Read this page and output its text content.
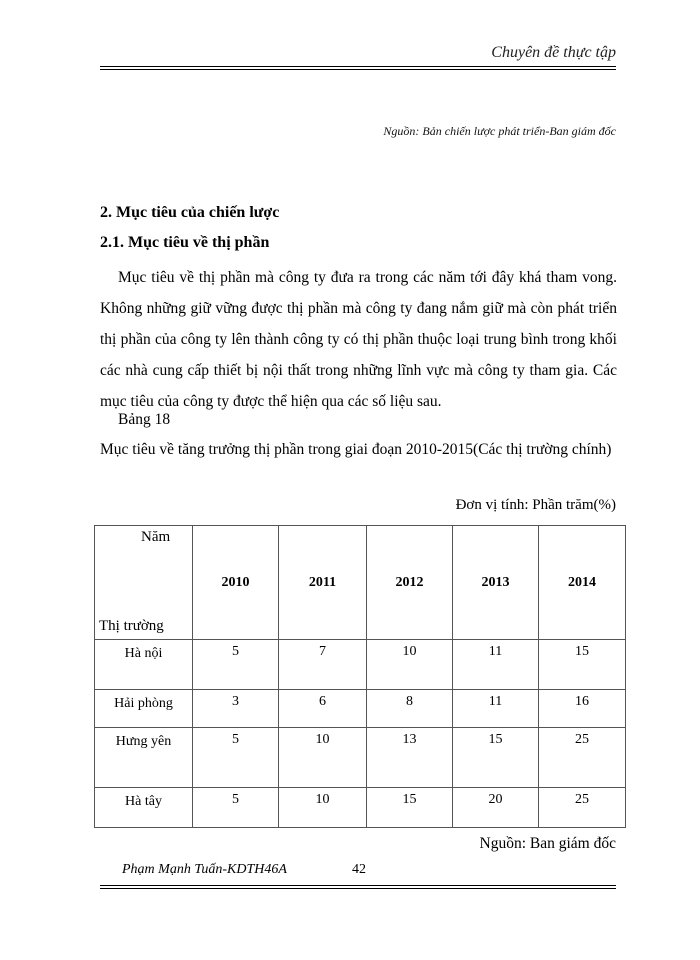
Chuyên đề thực tập
Nguồn: Bản chiến lược phát triển-Ban giám đốc
2. Mục tiêu của chiến lược
2.1. Mục tiêu về thị phần
Mục tiêu về thị phần mà công ty đưa ra trong các năm tới đây khá tham vong. Không những giữ vững được thị phần mà công ty đang nắm giữ mà còn phát triển thị phần của công ty lên thành công ty có thị phần thuộc loại trung bình trong khối các nhà cung cấp thiết bị nội thất trong những lĩnh vực mà công ty tham gia. Các mục tiêu của công ty được thể hiện qua các số liệu sau.
Bảng 18
Mục tiêu về tăng trưởng thị phần trong giai đoạn 2010-2015(Các thị trường chính)
Đơn vị tính: Phần trăm(%)
Năm
Thị trường	2010	2011	2012	2013	2014
Hà nội	5	7	10	11	15
Hải phòng	3	6	8	11	16
Hưng yên	5	10	13	15	25
Hà tây	5	10	15	20	25
Nguồn: Ban giám đốc
Phạm Mạnh Tuấn-KDTH46A	42
